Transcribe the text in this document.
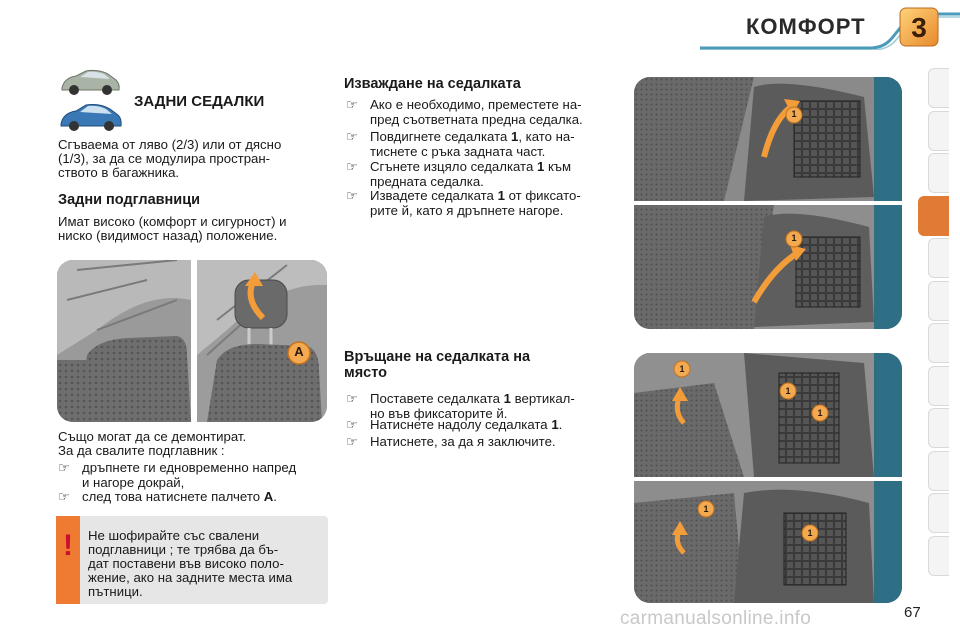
КОМФОРТ	3
ЗАДНИ СЕДАЛКИ
Сгъваема от ляво (2/3) или от дясно
(1/3), за да се модулира простран-
ството в багажника.
Задни подглавници
Имат високо (комфорт и сигурност) и
ниско (видимост назад) положение.
A
Също могат да се демонтират.
За да свалите подглавник :
☞ дръпнете ги едновременно напред
и нагоре докрай,
☞ след това натиснете палчето A.
!	Не шофирайте със свалени
подглавници ; те трябва да бъ-
дат поставени във високо поло-
жение, ако на задните места има
пътници.
Изваждане на седалката
☞ Ако е необходимо, преместете на-
пред съответната предна седалка.
☞ Повдигнете седалката 1, като на-
тиснете с ръка задната част.
☞ Сгънете изцяло седалката 1 към
предната седалка.
☞ Извадете седалката 1 от фиксато-
рите й, като я дръпнете нагоре.
Връщане на седалката на
място
☞ Поставете седалката 1 вертикал-
но във фиксаторите й.
☞ Натиснете надолу седалката 1.
☞ Натиснете, за да я заключите.
1
1
1
1
1
1
1
carmanualsonline.info	67
